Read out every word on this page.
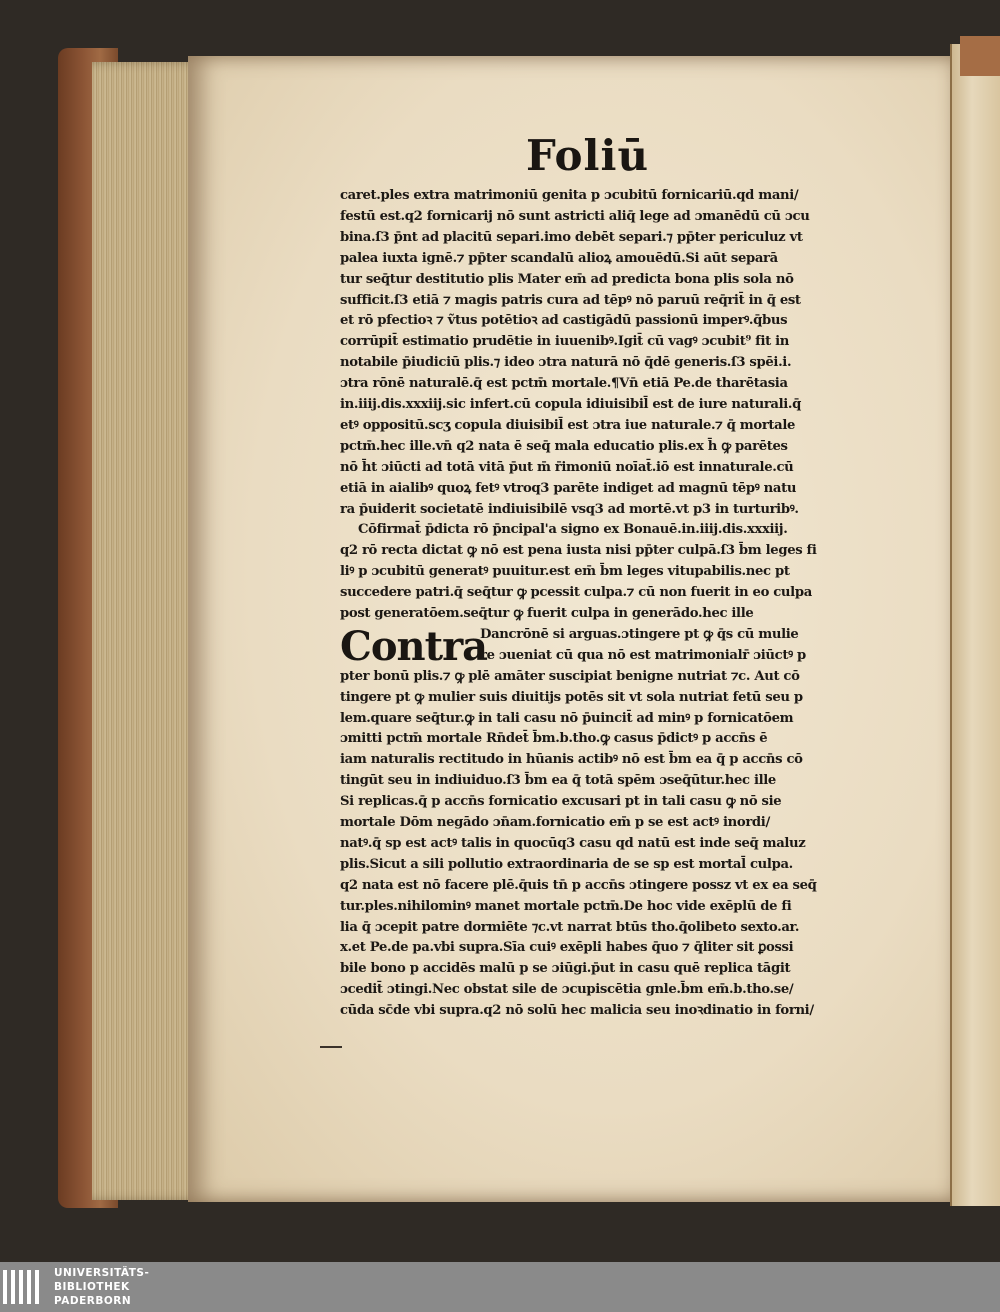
Foliū
Contra
caret.ples extra matrimoniū genita p ɔcubitū fornicariū.qd mani/
festū est.q2 fornicarij nō sunt astricti aliq̄ lege ad ɔmanēdū cū ɔcu
bina.ſ3 p̄nt ad placitū separi.imo debēt separi.⁊ pp̄ter periculuz vt
palea iuxta ignē.⁊ pp̄ter scandalū alioꝝ amouēdū.Si aūt separā
tur seq̄tur destitutio plis Mater em̄ ad predicta bona plis sola nō
sufficit.ſ3 etiā ⁊ magis patris cura ad tēpꝰ nō paruū req̄rit̄ in q̄ est
et rō pfectioꝛ ⁊ ṽtus potētioꝛ ad castigādū passionū imperꝰ.q̄bus
corrūpit̄ estimatio prudētie in iuuenibꝰ.Igit̄ cū vagꝰ ɔcubit⁹ fit in
notabile p̄iudiciū plis.⁊ ideo ɔtra naturā nō q̄dē generis.ſ3 spēi.i.
ɔtra rōnē naturalē.q̄ est pctm̄ mortale.¶Vn̄ etiā Pe.de tharētasia
in.iiij.dis.xxxiij.sic infert.cū copula idiuisibil̄ est de iure naturali.q̄
etꝰ oppositū.scʒ copula diuisibil̄ est ɔtra iue naturale.⁊ q̄ mortale
pctm̄.hec ille.vn̄ q2 nata ē seq̄ mala educatio plis.ex h̄ ꝙ parētes
nō h̄t ɔiūcti ad totā vitā p̄ut m̄ r̄imoniū noīat̄.iō est innaturale.cū
etiā in aialibꝰ quoꝝ fetꝰ vtroq3 parēte indiget ad magnū tēpꝰ natu
ra p̄uiderit societatē indiuisibilē vsq3 ad mortē.vt p3 in turturibꝰ.
Cōfirmat̄ p̄dicta rō p̄ncipal'a signo ex Bonauē.in.iiij.dis.xxxiij.
q2 rō recta dictat ꝙ nō est pena iusta nisi pp̄ter culpā.ſ3 b̄m leges fi
liꝰ p ɔcubitū generatꝰ puuitur.est em̄ b̄m leges vitupabilis.nec pt
succedere patri.q̄ seq̄tur ꝙ pcessit culpa.⁊ cū non fuerit in eo culpa
post generatōem.seq̄tur ꝙ fuerit culpa in generādo.hec ille
Dancrōnē si arguas.ɔtingere pt ꝙ q̄s cū mulie
re ɔueniat cū qua nō est matrimonialr̄ ɔiūctꝰ p
pter bonū plis.⁊ ꝙ plē amāter suscipiat benigne nutriat ⁊c. Aut cō
tingere pt ꝙ mulier suis diuitijs potēs sit vt sola nutriat fetū seu p
lem.quare seq̄tur.ꝙ in tali casu nō p̄uincit̄ ad minꝰ p fornicatōem
ɔmitti pctm̄ mortale Rn̄det̄ b̄m.b.tho.ꝙ casus p̄dictꝰ p accn̄s ē
iam naturalis rectitudo in hūanis actibꝰ nō est b̄m ea q̄ p accn̄s cō
tingūt seu in indiuiduo.ſ3 b̄m ea q̄ totā spēm ɔseq̄ūtur.hec ille
Si replicas.q̄ p accn̄s fornicatio excusari pt in tali casu ꝙ nō sie
mortale Dōm negādo ɔn̄am.fornicatio em̄ p se est actꝰ inordi/
natꝰ.q̄ sp est actꝰ talis in quocūq3 casu qd natū est inde seq̄ maluz
plis.Sicut a sili pollutio extraordinaria de se sp est mortal̄ culpa.
q2 nata est nō facere plē.q̄uis tn̄ p accn̄s ɔtingere possz vt ex ea seq̄
tur.ples.nihilominꝰ manet mortale pctm̄.De hoc vide exēplū de fi
lia q̄ ɔcepit patre dormiēte ⁊c.vt narrat btūs tho.q̄olibeto sexto.ar.
x.et Pe.de pa.vbi supra.Sīa cuiꝰ exēpli habes q̄uo ⁊ q̄liter sit ꝑossi
bile bono p accidēs malū p se ɔiūgi.p̄ut in casu quē replica tāgit
ɔcedit̄ ɔtingi.Nec obstat sile de ɔcupiscētia gnle.b̄m em̄.b.tho.se/
cūda sc̄de vbi supra.q2 nō solū hec malicia seu inoꝛdinatio in forni/
UNIVERSITÄTS-
BIBLIOTHEK
PADERBORN
